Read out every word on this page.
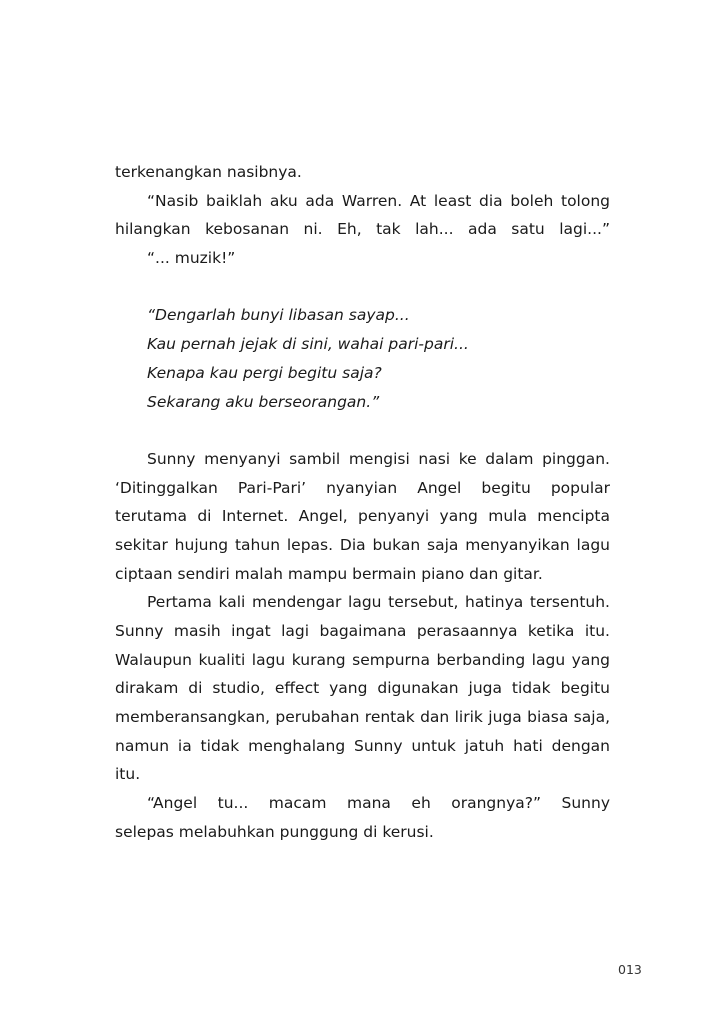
terkenangkan nasibnya.

“Nasib baiklah aku ada Warren. At least dia boleh tolong

hilangkan kebosanan ni. Eh, tak lah... ada satu lagi...”

“... muzik!”

“Dengarlah bunyi libasan sayap...

Kau pernah jejak di sini, wahai pari-pari...

Kenapa kau pergi begitu saja?

Sekarang aku berseorangan.”

Sunny menyanyi sambil mengisi nasi ke dalam pinggan.

‘Ditinggalkan Pari-Pari’ nyanyian Angel begitu popular

terutama di Internet. Angel, penyanyi yang mula mencipta

sekitar hujung tahun lepas. Dia bukan saja menyanyikan lagu

ciptaan sendiri malah mampu bermain piano dan gitar.

Pertama kali mendengar lagu tersebut, hatinya tersentuh.

Sunny masih ingat lagi bagaimana perasaannya ketika itu.

Walaupun kualiti lagu kurang sempurna berbanding lagu yang

dirakam di studio, effect yang digunakan juga tidak begitu

memberansangkan, perubahan rentak dan lirik juga biasa saja,

namun ia tidak menghalang Sunny untuk jatuh hati dengan

itu.

“Angel tu... macam mana eh orangnya?” Sunny

selepas melabuhkan punggung di kerusi.

013
